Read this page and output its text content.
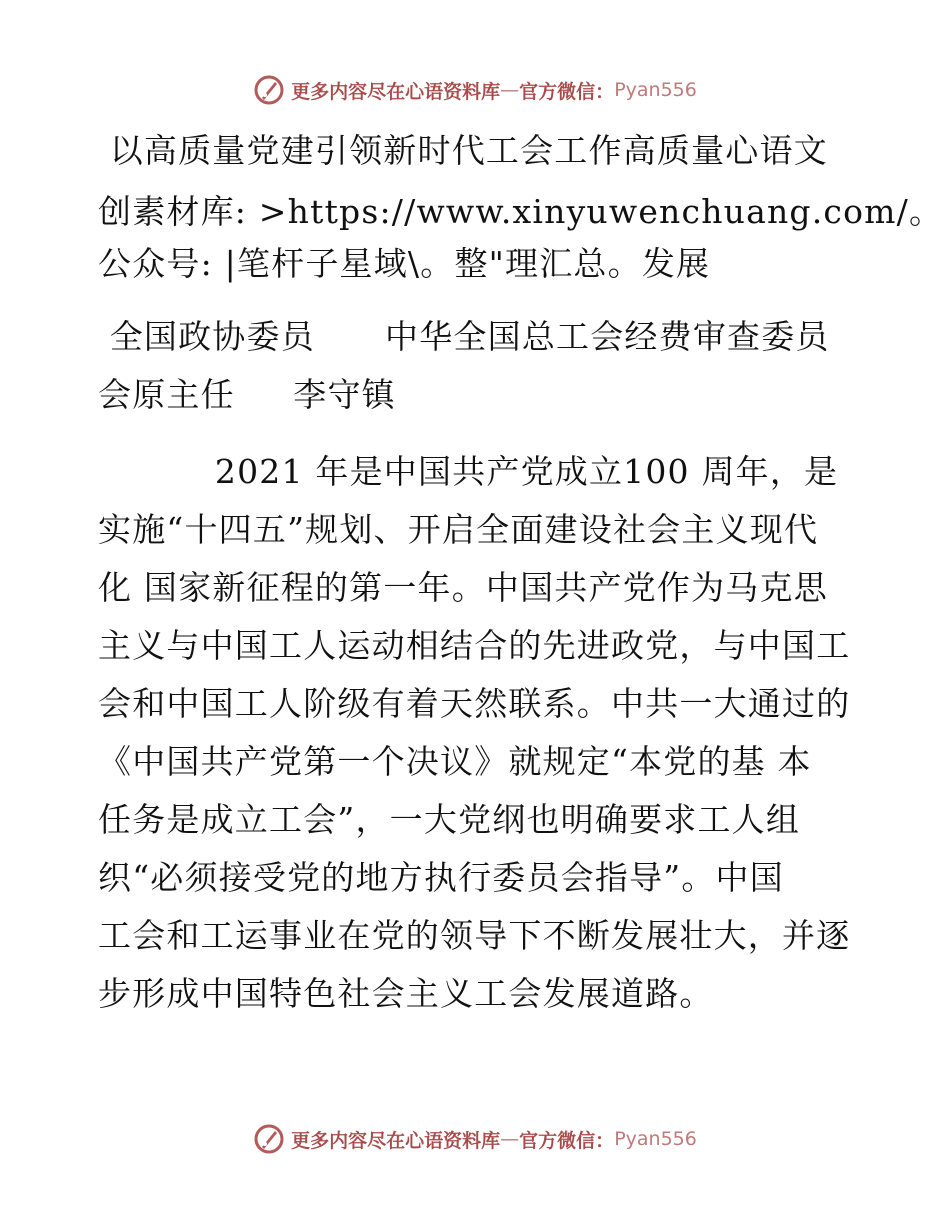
更多内容尽在心语资料库 — 官方微信： Pyan556
以高质量党建引领新时代工会工作高质量心语文
创素材库: >https://www.xinyuwenchuang.com/。
公众号: |笔杆子星域\。整"理汇总。发展
全国政协委员      中华全国总工会经费审查委员
会原主任     李守镇
2021 年是中国共产党成立100 周年，是
实施“十四五”规划、开启全面建设社会主义现代
化 国家新征程的第一年。中国共产党作为马克思
主义与中国工人运动相结合的先进政党，与中国工
会和中国工人阶级有着天然联系。中共一大通过的
《中国共产党第一个决议》就规定“本党的基 本
任务是成立工会”，一大党纲也明确要求工人组
织“必须接受党的地方执行委员会指导”。中国
工会和工运事业在党的领导下不断发展壮大，并逐
步形成中国特色社会主义工会发展道路。
更多内容尽在心语资料库 — 官方微信： Pyan556
